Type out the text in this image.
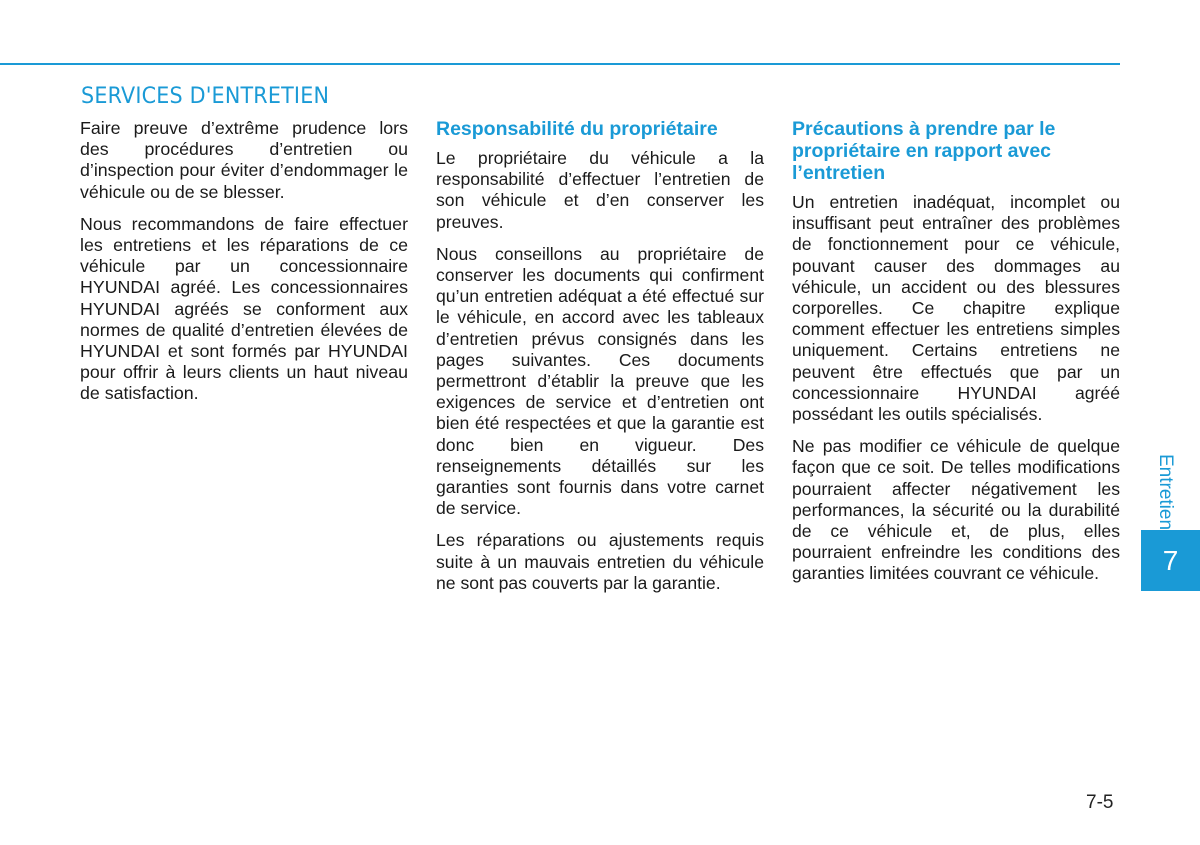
SERVICES D'ENTRETIEN

Faire preuve d’extrême prudence lors des procédures d’entretien ou d’inspection pour éviter d’endommager le véhicule ou de se blesser.

Nous recommandons de faire effectuer les entretiens et les réparations de ce véhicule par un concessionnaire HYUNDAI agréé. Les concessionnaires HYUNDAI agréés se conforment aux normes de qualité d’entretien élevées de HYUNDAI et sont formés par HYUNDAI pour offrir à leurs clients un haut niveau de satisfaction.

Responsabilité du propriétaire

Le propriétaire du véhicule a la responsabilité d’effectuer l’entretien de son véhicule et d’en conserver les preuves.

Nous conseillons au propriétaire de conserver les documents qui confirment qu’un entretien adéquat a été effectué sur le véhicule, en accord avec les tableaux d’entretien prévus consignés dans les pages suivantes. Ces documents permettront d’établir la preuve que les exigences de service et d’entretien ont bien été respectées et que la garantie est donc bien en vigueur. Des renseignements détaillés sur les garanties sont fournis dans votre carnet de service.

Les réparations ou ajustements requis suite à un mauvais entretien du véhicule ne sont pas couverts par la garantie.

Précautions à prendre par le propriétaire en rapport avec l’entretien

Un entretien inadéquat, incomplet ou insuffisant peut entraîner des problèmes de fonctionnement pour ce véhicule, pouvant causer des dommages au véhicule, un accident ou des blessures corporelles. Ce chapitre explique comment effectuer les entretiens simples uniquement. Certains entretiens ne peuvent être effectués que par un concessionnaire HYUNDAI agréé possédant les outils spécialisés.

Ne pas modifier ce véhicule de quelque façon que ce soit. De telles modifications pourraient affecter négativement les performances, la sécurité ou la durabilité de ce véhicule et, de plus, elles pourraient enfreindre les conditions des garanties limitées couvrant ce véhicule.

Entretien
7
7-5
